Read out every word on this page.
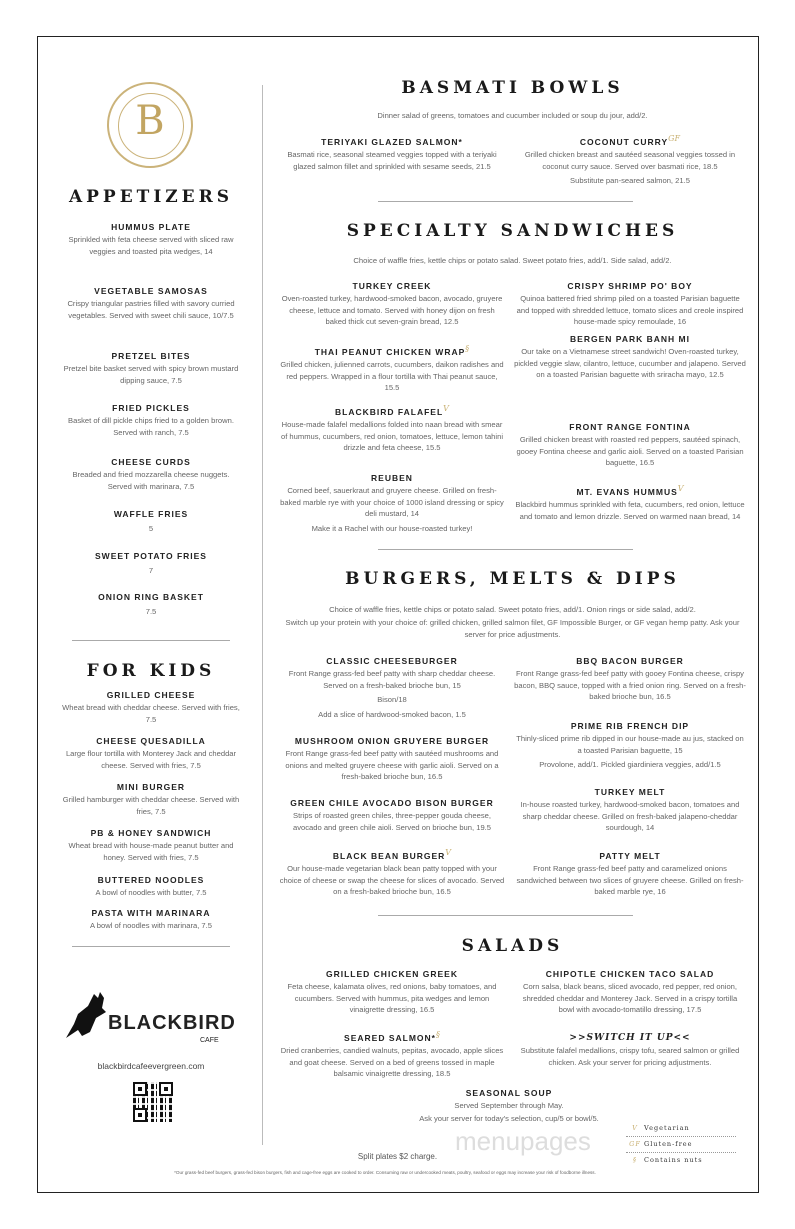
B
APPETIZERS
HUMMUS PLATE
Sprinkled with feta cheese served with sliced raw veggies and toasted pita wedges, 14
VEGETABLE SAMOSAS
Crispy triangular pastries filled with savory curried vegetables. Served with sweet chili sauce, 10/7.5
PRETZEL BITES
Pretzel bite basket served with spicy brown mustard dipping sauce, 7.5
FRIED PICKLES
Basket of dill pickle chips fried to a golden brown. Served with ranch, 7.5
CHEESE CURDS
Breaded and fried mozzarella cheese nuggets. Served with marinara, 7.5
WAFFLE FRIES
5
SWEET POTATO FRIES
7
ONION RING BASKET
7.5
FOR KIDS
GRILLED CHEESE
Wheat bread with cheddar cheese. Served with fries, 7.5
CHEESE QUESADILLA
Large flour tortilla with Monterey Jack and cheddar cheese. Served with fries, 7.5
MINI BURGER
Grilled hamburger with cheddar cheese. Served with fries, 7.5
PB & HONEY SANDWICH
Wheat bread with house-made peanut butter and honey. Served with fries, 7.5
BUTTERED NOODLES
A bowl of noodles with butter, 7.5
PASTA WITH MARINARA
A bowl of noodles with marinara, 7.5
BLACKBIRD
CAFE
blackbirdcafeevergreen.com
BASMATI BOWLS
Dinner salad of greens, tomatoes and cucumber included or soup du jour, add/2.
TERIYAKI GLAZED SALMON*
Basmati rice, seasonal steamed veggies topped with a teriyaki glazed salmon fillet and sprinkled with sesame seeds, 21.5
COCONUT CURRYGF
Grilled chicken breast and sautéed seasonal veggies tossed in coconut curry sauce. Served over basmati rice, 18.5
Substitute pan-seared salmon, 21.5
SPECIALTY SANDWICHES
Choice of waffle fries, kettle chips or potato salad. Sweet potato fries, add/1. Side salad, add/2.
TURKEY CREEK
Oven-roasted turkey, hardwood-smoked bacon, avocado, gruyere cheese, lettuce and tomato. Served with honey dijon on fresh baked thick cut seven-grain bread, 12.5
THAI PEANUT CHICKEN WRAP§
Grilled chicken, julienned carrots, cucumbers, daikon radishes and red peppers. Wrapped in a flour tortilla with Thai peanut sauce, 15.5
BLACKBIRD FALAFELV
House-made falafel medallions folded into naan bread with smear of hummus, cucumbers, red onion, tomatoes, lettuce, lemon tahini drizzle and feta cheese, 15.5
REUBEN
Corned beef, sauerkraut and gruyere cheese. Grilled on fresh-baked marble rye with your choice of 1000 island dressing or spicy deli mustard, 14
Make it a Rachel with our house-roasted turkey!
CRISPY SHRIMP PO' BOY
Quinoa battered fried shrimp piled on a toasted Parisian baguette and topped with shredded lettuce, tomato slices and creole inspired house-made spicy remoulade, 16
BERGEN PARK BANH MI
Our take on a Vietnamese street sandwich! Oven-roasted turkey, pickled veggie slaw, cilantro, lettuce, cucumber and jalapeno. Served on a toasted Parisian baguette with sriracha mayo, 12.5
FRONT RANGE FONTINA
Grilled chicken breast with roasted red peppers, sautéed spinach, gooey Fontina cheese and garlic aioli. Served on a toasted Parisian baguette, 16.5
MT. EVANS HUMMUSV
Blackbird hummus sprinkled with feta, cucumbers, red onion, lettuce and tomato and lemon drizzle. Served on warmed naan bread, 14
BURGERS, MELTS & DIPS
Choice of waffle fries, kettle chips or potato salad. Sweet potato fries, add/1. Onion rings or side salad, add/2.
Switch up your protein with your choice of: grilled chicken, grilled salmon filet, GF Impossible Burger, or GF vegan hemp patty. Ask your server for price adjustments.
CLASSIC CHEESEBURGER
Front Range grass-fed beef patty with sharp cheddar cheese. Served on a fresh-baked brioche bun, 15
Bison/18
Add a slice of hardwood-smoked bacon, 1.5
MUSHROOM ONION GRUYERE BURGER
Front Range grass-fed beef patty with sautéed mushrooms and onions and melted gruyere cheese with garlic aioli. Served on a fresh-baked brioche bun, 16.5
GREEN CHILE AVOCADO BISON BURGER
Strips of roasted green chiles, three-pepper gouda cheese, avocado and green chile aioli. Served on brioche bun, 19.5
BLACK BEAN BURGERV
Our house-made vegetarian black bean patty topped with your choice of cheese or swap the cheese for slices of avocado. Served on a fresh-baked brioche bun, 16.5
BBQ BACON BURGER
Front Range grass-fed beef patty with gooey Fontina cheese, crispy bacon, BBQ sauce, topped with a fried onion ring. Served on a fresh-baked brioche bun, 16.5
PRIME RIB FRENCH DIP
Thinly-sliced prime rib dipped in our house-made au jus, stacked on a toasted Parisian baguette, 15
Provolone, add/1. Pickled giardiniera veggies, add/1.5
TURKEY MELT
In-house roasted turkey, hardwood-smoked bacon, tomatoes and sharp cheddar cheese. Grilled on fresh-baked jalapeno-cheddar sourdough, 14
PATTY MELT
Front Range grass-fed beef patty and caramelized onions sandwiched between two slices of gruyere cheese. Grilled on fresh-baked marble rye, 16
SALADS
GRILLED CHICKEN GREEK
Feta cheese, kalamata olives, red onions, baby tomatoes, and cucumbers. Served with hummus, pita wedges and lemon vinaigrette dressing, 16.5
SEARED SALMON*§
Dried cranberries, candied walnuts, pepitas, avocado, apple slices and goat cheese. Served on a bed of greens tossed in maple balsamic vinaigrette dressing, 18.5
CHIPOTLE CHICKEN TACO SALAD
Corn salsa, black beans, sliced avocado, red pepper, red onion, shredded cheddar and Monterey Jack. Served in a crispy tortilla bowl with avocado-tomatillo dressing, 17.5
>>SWITCH IT UP<<
Substitute falafel medallions, crispy tofu, seared salmon or grilled chicken. Ask your server for pricing adjustments.
SEASONAL SOUP
Served September through May.
Ask your server for today's selection, cup/5 or bowl/5.
V Vegetarian
GF Gluten-free
§ Contains nuts
menupages
Split plates $2 charge.
*Our grass-fed beef burgers, grass-fed bison burgers, fish and cage-free eggs are cooked to order. Consuming raw or undercooked meats, poultry, seafood or eggs may increase your risk of foodborne illness.
